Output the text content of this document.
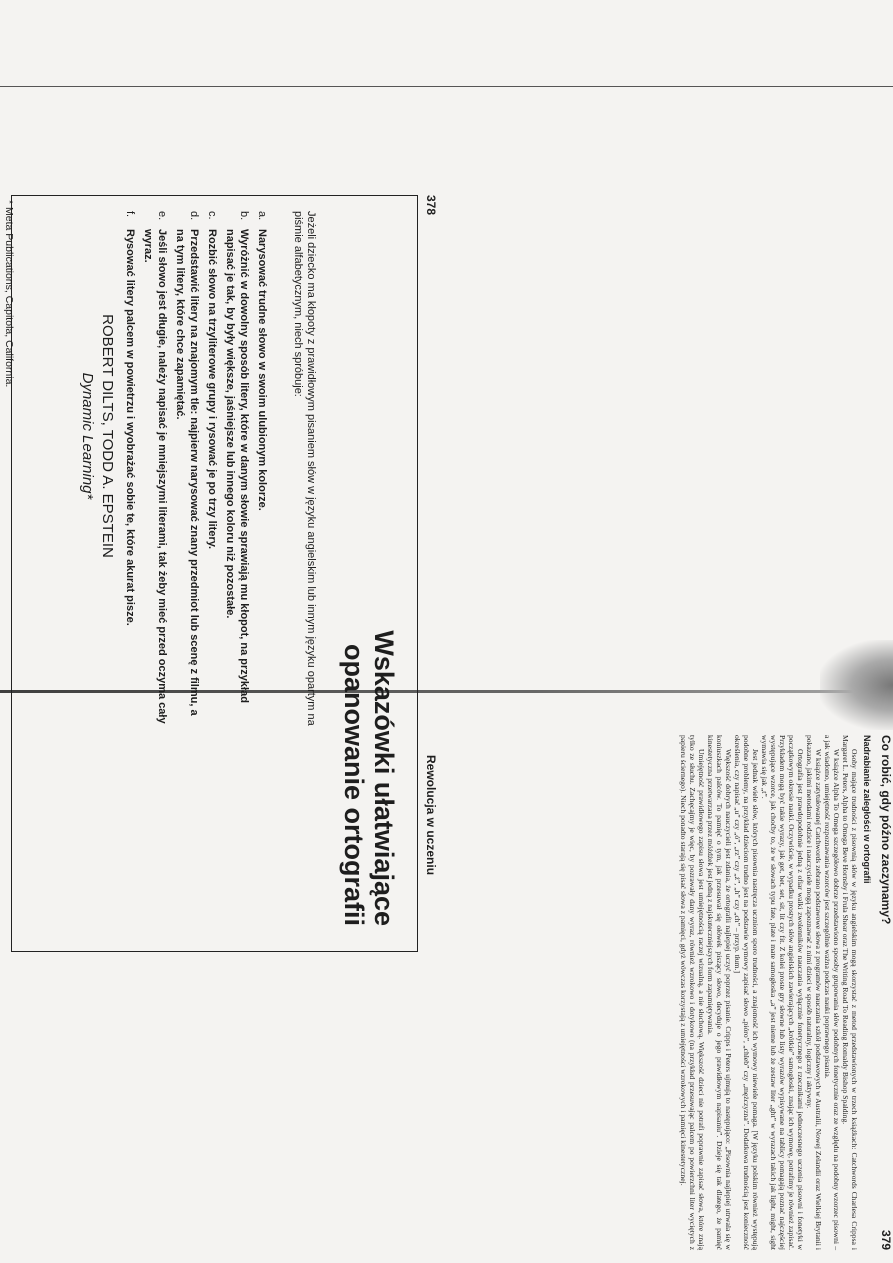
378
Rewolucja w uczeniu
Wskazówki ułatwiające
opanowanie ortografii
Jeżeli dziecko ma kłopoty z prawidłowym pisaniem słów w języku angielskim lub innym języku opartym na piśmie alfabetycznym, niech spróbuje:
a.
Narysować trudne słowo w swoim ulubionym kolorze.
b.
Wyróżnić w dowolny sposób litery, które w danym słowie sprawiają mu kłopot, na przykład napisać je tak, by były większe, jaśniejsze lub innego koloru niż pozostałe.
c.
Rozbić słowo na trzyliterowe grupy i rysować je po trzy litery.
d.
Przedstawić litery na znajomym tle: najpierw narysować znany przedmiot lub scenę z filmu, a na tym litery, które chce zapamiętać.
e.
Jeśli słowo jest długie, należy napisać je mniejszymi literami, tak żeby mieć przed oczyma cały wyraz.
f.
Rysować litery palcem w powietrzu i wyobrażać sobie te, które akurat pisze.
ROBERT DILTS, TODD A. EPSTEIN
Dynamic Learning*
* Meta Publications, Capitola, California.
Co robić, gdy późno zaczynamy?
379
Nadrabianie zaległości w ortografii

Osoby mające trudności z pisownią słów w języku angielskim mogą skorzystać z metod przedstawionych w trzech książkach: Catchwords Charlesa Crippsa i Margaret L. Peters, Alpha to Omega Beve Hornsby i Frula Shear oraz The Writing Road To Reading Romaldy Bishop Spalding.

W książce Alpha To Omega szczegółowo dobrze przedstawiono sposoby grupowania słów podobnych fonetycznie oraz ze względu na podobny wzorzec pisowni – a jak wiadomo, umiejętność rozpoznawania wzorców jest szczególnie ważna podczas nauki poprawnego pisania.

W książce zatytułowanej Catchwords zebrano podstawowe słowa z programów nauczania szkół podstawowych w Australii, Nowej Zelandii oraz Wielkiej Brytanii i pokazano, jakimi metodami rodzice i nauczyciele mogą zapoznawać z nimi dzieci w sposób naturalny, logiczny i aktywny.

Ortografia jest prawdopodobnie jedną z ofiar walki zwolenników nauczania wyłącznie fonetycznego z rzecznikami jednoczesnego uczenia pisowni i fonetyki w początkowym okresie nauki. Oczywiście, w wypadku prostych słów angielskich zawierających „krótkie” samogłoski, znając ich wymowę, potrafimy je również zapisać. Przykładem mogą być takie wyrazy, jak get, bet, set, sit, lit czy fit. Z kolei proste gry słowne lub listy wyrazów wypisywane na tablicy pomagają poznać najczęściej występujące wzorce, jak choćby to, że w słowach typu fate, plate i mate samogłoska „a” jest nieme lub że zestaw liter „ght” w wyrazach takich jak light, might, sight wymawia się jak „t”.

Jest jednak wiele słów, których pisownia nastręcza uczniom sporo trudności, a znajomość ich wymowy niewiele pomaga. [W języku polskim również występują podobne problemy, na przykład dzieciom trudno jest na podstawie wymowy zapisać słowo „pióro”, „chleb” czy „mężczyzna”. Dodatkowa trudnością jest konieczność określenia, czy napisać „u” czy „ó”, „rz” czy „ż”, „h” czy „ch” – przyp. tłum.]

Większość dobrych nauczycieli jest zdania, że ortografii najlepiej uczyć poprzez pisanie. Cripps i Peters ujmują to następująco: „Pisownia najlepiej utrwala się w koniuszkach palców. To pamięć o tym, jak przesuwał się ołówek piszący słowo, decyduje o jego prawidłowym napisaniu”. Dzieje się tak dlatego, że pamięć kinestetyczna przetwarzana przez móżdżek jest jedną z najskuteczniejszych form zapamiętywania.

Umiejętność prawidłowego zapisu słowa jest umiejętnością raczej wizualną, a nie słuchową. Większość dzieci nie potrafi poprawnie zapisać słowa, które znają tylko ze słuchu. Zachęcajmy je więc, by pozrawały dany wyraz, również wzrokowo i dotykowo (na przykład przesuwając palcem po powierzchni liter wyciętych z papieru ściernego). Niech ponadto starają się pisać słowa z pamięci, gdyż wówczas korzystają z umiejętności wzrokowych i pamięci kinestetycznej.
